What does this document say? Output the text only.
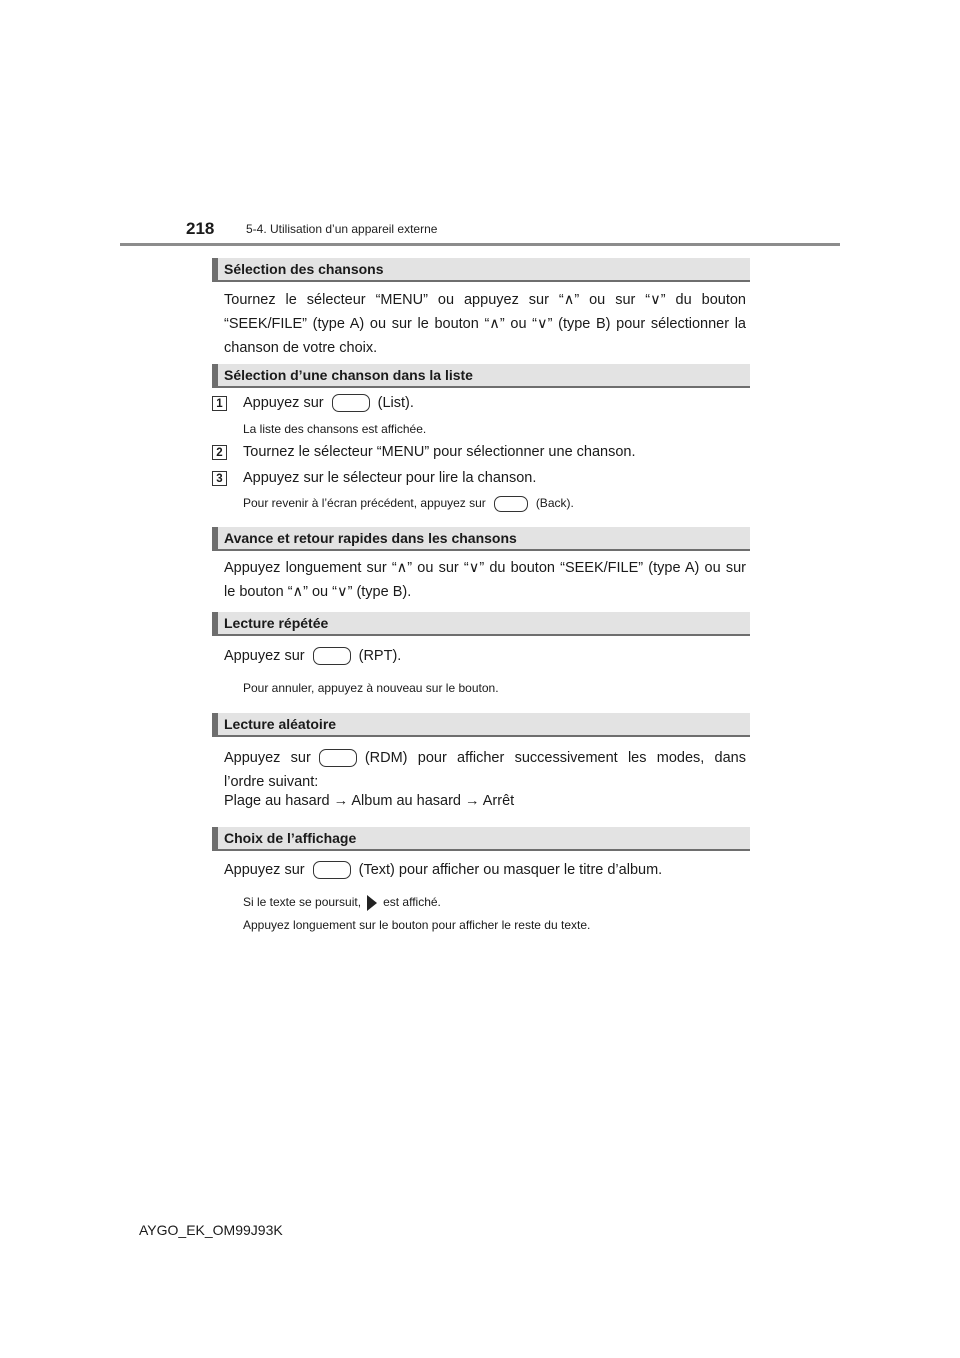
218	5-4. Utilisation d’un appareil externe
Sélection des chansons
Tournez le sélecteur “MENU” ou appuyez sur “∧” ou sur “∨” du bouton “SEEK/FILE” (type A) ou sur le bouton “∧” ou “∨” (type B) pour sélectionner la chanson de votre choix.
Sélection d’une chanson dans la liste
1 Appuyez sur	(List).
La liste des chansons est affichée.
2 Tournez le sélecteur “MENU” pour sélectionner une chanson.
3 Appuyez sur le sélecteur pour lire la chanson.
Pour revenir à l’écran précédent, appuyez sur	(Back).
Avance et retour rapides dans les chansons
Appuyez longuement sur “∧” ou sur “∨” du bouton “SEEK/FILE” (type A) ou sur le bouton “∧” ou “∨” (type B).
Lecture répétée
Appuyez sur	(RPT).
Pour annuler, appuyez à nouveau sur le bouton.
Lecture aléatoire
Appuyez sur	(RDM) pour afficher successivement les modes, dans l’ordre suivant:
Plage au hasard → Album au hasard → Arrêt
Choix de l’affichage
Appuyez sur	(Text) pour afficher ou masquer le titre d’album.
Si le texte se poursuit, est affiché.
Appuyez longuement sur le bouton pour afficher le reste du texte.
AYGO_EK_OM99J93K
